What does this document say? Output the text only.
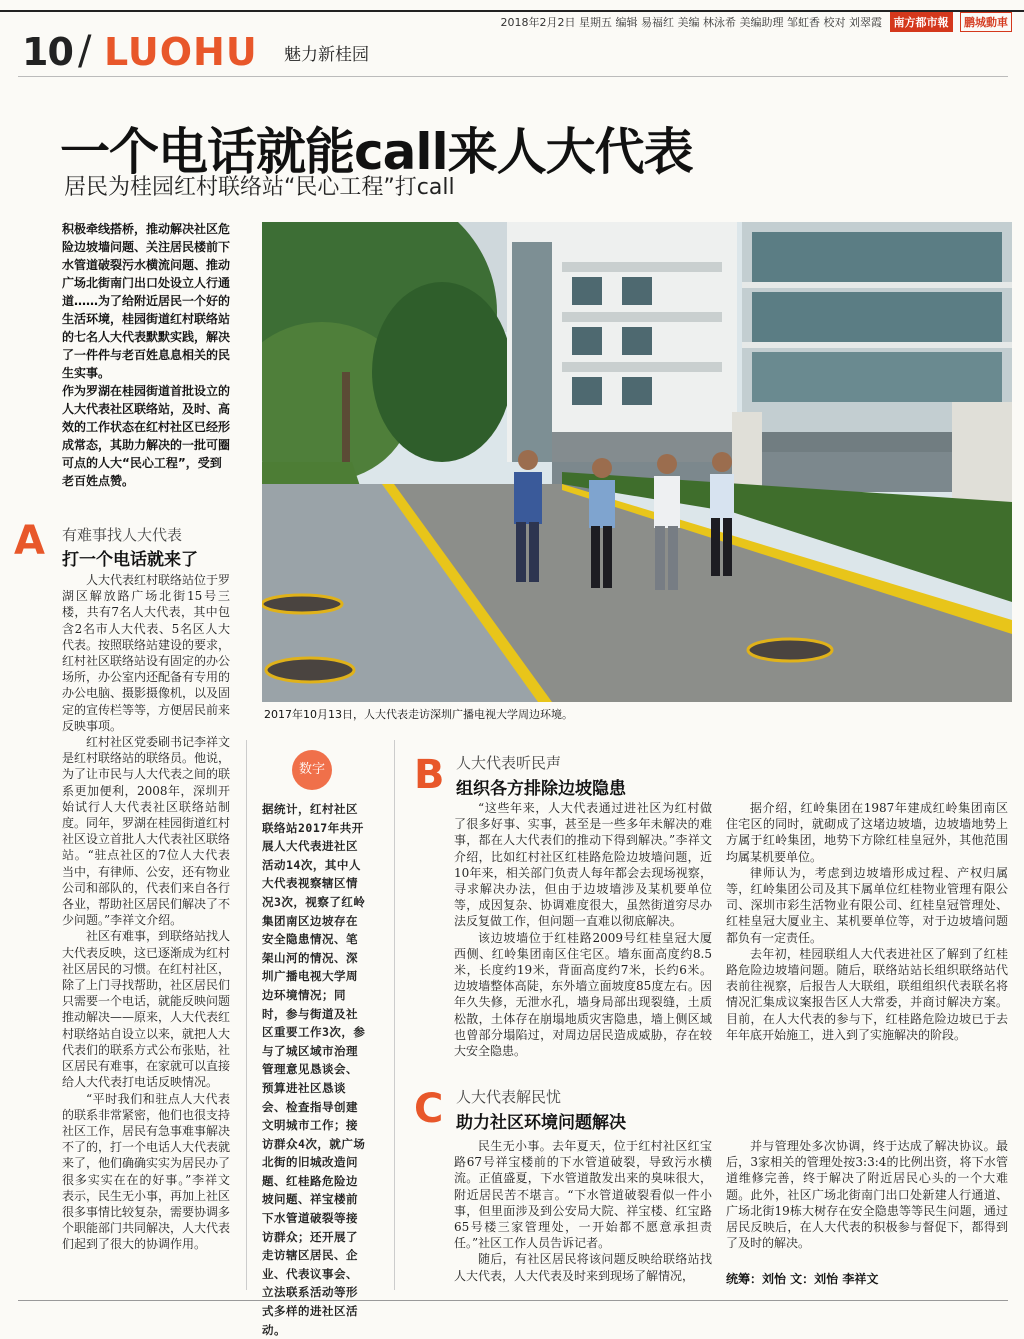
2018年2月2日 星期五 编辑 易福红 美编 林泳希 美编助理 邹虹香 校对 刘翠霞 南方都市報 鹏城動車
10 / LUOHU 魅力新桂园
一个电话就能call来人大代表
居民为桂园红村联络站“民心工程”打call

积极牵线搭桥，推动解决社区危险边坡墙问题、关注居民楼前下水管道破裂污水横流问题、推动广场北街南门出口处设立人行通道……为了给附近居民一个好的生活环境，桂园街道红村联络站的七名人大代表默默实践，解决了一件件与老百姓息息相关的民生实事。

作为罗湖在桂园街道首批设立的人大代表社区联络站，及时、高效的工作状态在红村社区已经形成常态，其助力解决的一批可圈可点的人大“民心工程”，受到老百姓点赞。

2017年10月13日，人大代表走访深圳广播电视大学周边环境。
A 有难事找人大代表
打一个电话就来了

人大代表红村联络站位于罗湖区解放路广场北街15号三楼，共有7名人大代表，其中包含2名市人大代表、5名区人大代表。按照联络站建设的要求，红村社区联络站设有固定的办公场所，办公室内还配备有专用的办公电脑、摄影摄像机，以及固定的宣传栏等等，方便居民前来反映事项。

红村社区党委刷书记李祥文是红村联络站的联络员。他说，为了让市民与人大代表之间的联系更加便利，2008年，深圳开始试行人大代表社区联络站制度。同年，罗湖在桂园街道红村社区设立首批人大代表社区联络站。“驻点社区的7位人大代表当中，有律师、公安，还有物业公司和部队的，代表们来自各行各业，帮助社区居民们解决了不少问题。”李祥文介绍。

社区有难事，到联络站找人大代表反映，这已逐渐成为红村社区居民的习惯。在红村社区，除了上门寻找帮助，社区居民们只需要一个电话，就能反映问题推动解决——原来，人大代表红村联络站自设立以来，就把人大代表们的联系方式公布张贴，社区居民有难事，在家就可以直接给人大代表打电话反映情况。

“平时我们和驻点人大代表的联系非常紧密，他们也很支持社区工作，居民有急事难事解决不了的，打一个电话人大代表就来了，他们确确实实为居民办了很多实实在在的好事。”李祥文表示，民生无小事，再加上社区很多事情比较复杂，需要协调多个职能部门共同解决，人大代表们起到了很大的协调作用。

数字
据统计，红村社区联络站2017年共开展人大代表进社区活动14次，其中人大代表视察辖区情况3次，视察了红岭集团南区边坡存在安全隐患情况、笔架山河的情况、深圳广播电视大学周边环境情况；同时，参与街道及社区重要工作3次，参与了城区域市治理管理意见恳谈会、预算进社区恳谈会、检查指导创建文明城市工作；接访群众4次，就广场北街的旧城改造问题、红桂路危险边坡问题、祥宝楼前下水管道破裂等接访群众；还开展了走访辖区居民、企业、代表议事会、立法联系活动等形式多样的进社区活动。
B 人大代表听民声
组织各方排除边坡隐患

“这些年来，人大代表通过进社区为红村做了很多好事、实事，甚至是一些多年未解决的难事，都在人大代表们的推动下得到解决。”李祥文介绍，比如红村社区红桂路危险边坡墙问题，近10年来，相关部门负责人每年都会去现场视察，寻求解决办法，但由于边坡墙涉及某机要单位等，成因复杂、协调难度很大，虽然街道穷尽办法反复做工作，但问题一直难以彻底解决。

该边坡墙位于红桂路2009号红桂皇冠大厦西侧、红岭集团南区住宅区。墙东面高度约8.5米，长度约19米，背面高度约7米，长约6米。边坡墙整体高陡，东外墙立面坡度85度左右。因年久失修，无泄水孔，墙身局部出现裂缝，土质松散，土体存在崩塌地质灾害隐患，墙上侧区域也曾部分塌陷过，对周边居民造成威胁，存在较大安全隐患。

据介绍，红岭集团在1987年建成红岭集团南区住宅区的同时，就砌成了这堵边坡墙，边坡墙地势上方属于红岭集团，地势下方除红桂皇冠外，其他范围均属某机要单位。

律师认为，考虑到边坡墙形成过程、产权归属等，红岭集团公司及其下属单位红桂物业管理有限公司、深圳市彩生活物业有限公司、红桂皇冠管理处、红桂皇冠大厦业主、某机要单位等，对于边坡墙问题都负有一定责任。

去年初，桂园联组人大代表进社区了解到了红桂路危险边坡墙问题。随后，联络站站长组织联络站代表前往视察，后报告人大联组，联组组织代表联名将情况汇集成议案报告区人大常委，并商讨解决方案。目前，在人大代表的参与下，红桂路危险边坡已于去年年底开始施工，进入到了实施解决的阶段。

C 人大代表解民忧
助力社区环境问题解决

民生无小事。去年夏天，位于红村社区红宝路67号祥宝楼前的下水管道破裂，导致污水横流。正值盛夏，下水管道散发出来的臭味很大，附近居民苦不堪言。“下水管道破裂看似一件小事，但里面涉及到公安局大院、祥宝楼、红宝路65号楼三家管理处，一开始都不愿意承担责任。”社区工作人员告诉记者。

随后，有社区居民将该问题反映给联络站找人大代表，人大代表及时来到现场了解情况，

并与管理处多次协调，终于达成了解决协议。最后，3家相关的管理处按3:3:4的比例出资，将下水管道维修完善，终于解决了附近居民心头的一个大难题。此外，社区广场北街南门出口处新建人行通道、广场北街19栋大树存在安全隐患等等民生问题，通过居民反映后，在人大代表的积极参与督促下，都得到了及时的解决。

统筹：刘怡 文：刘怡 李祥文
